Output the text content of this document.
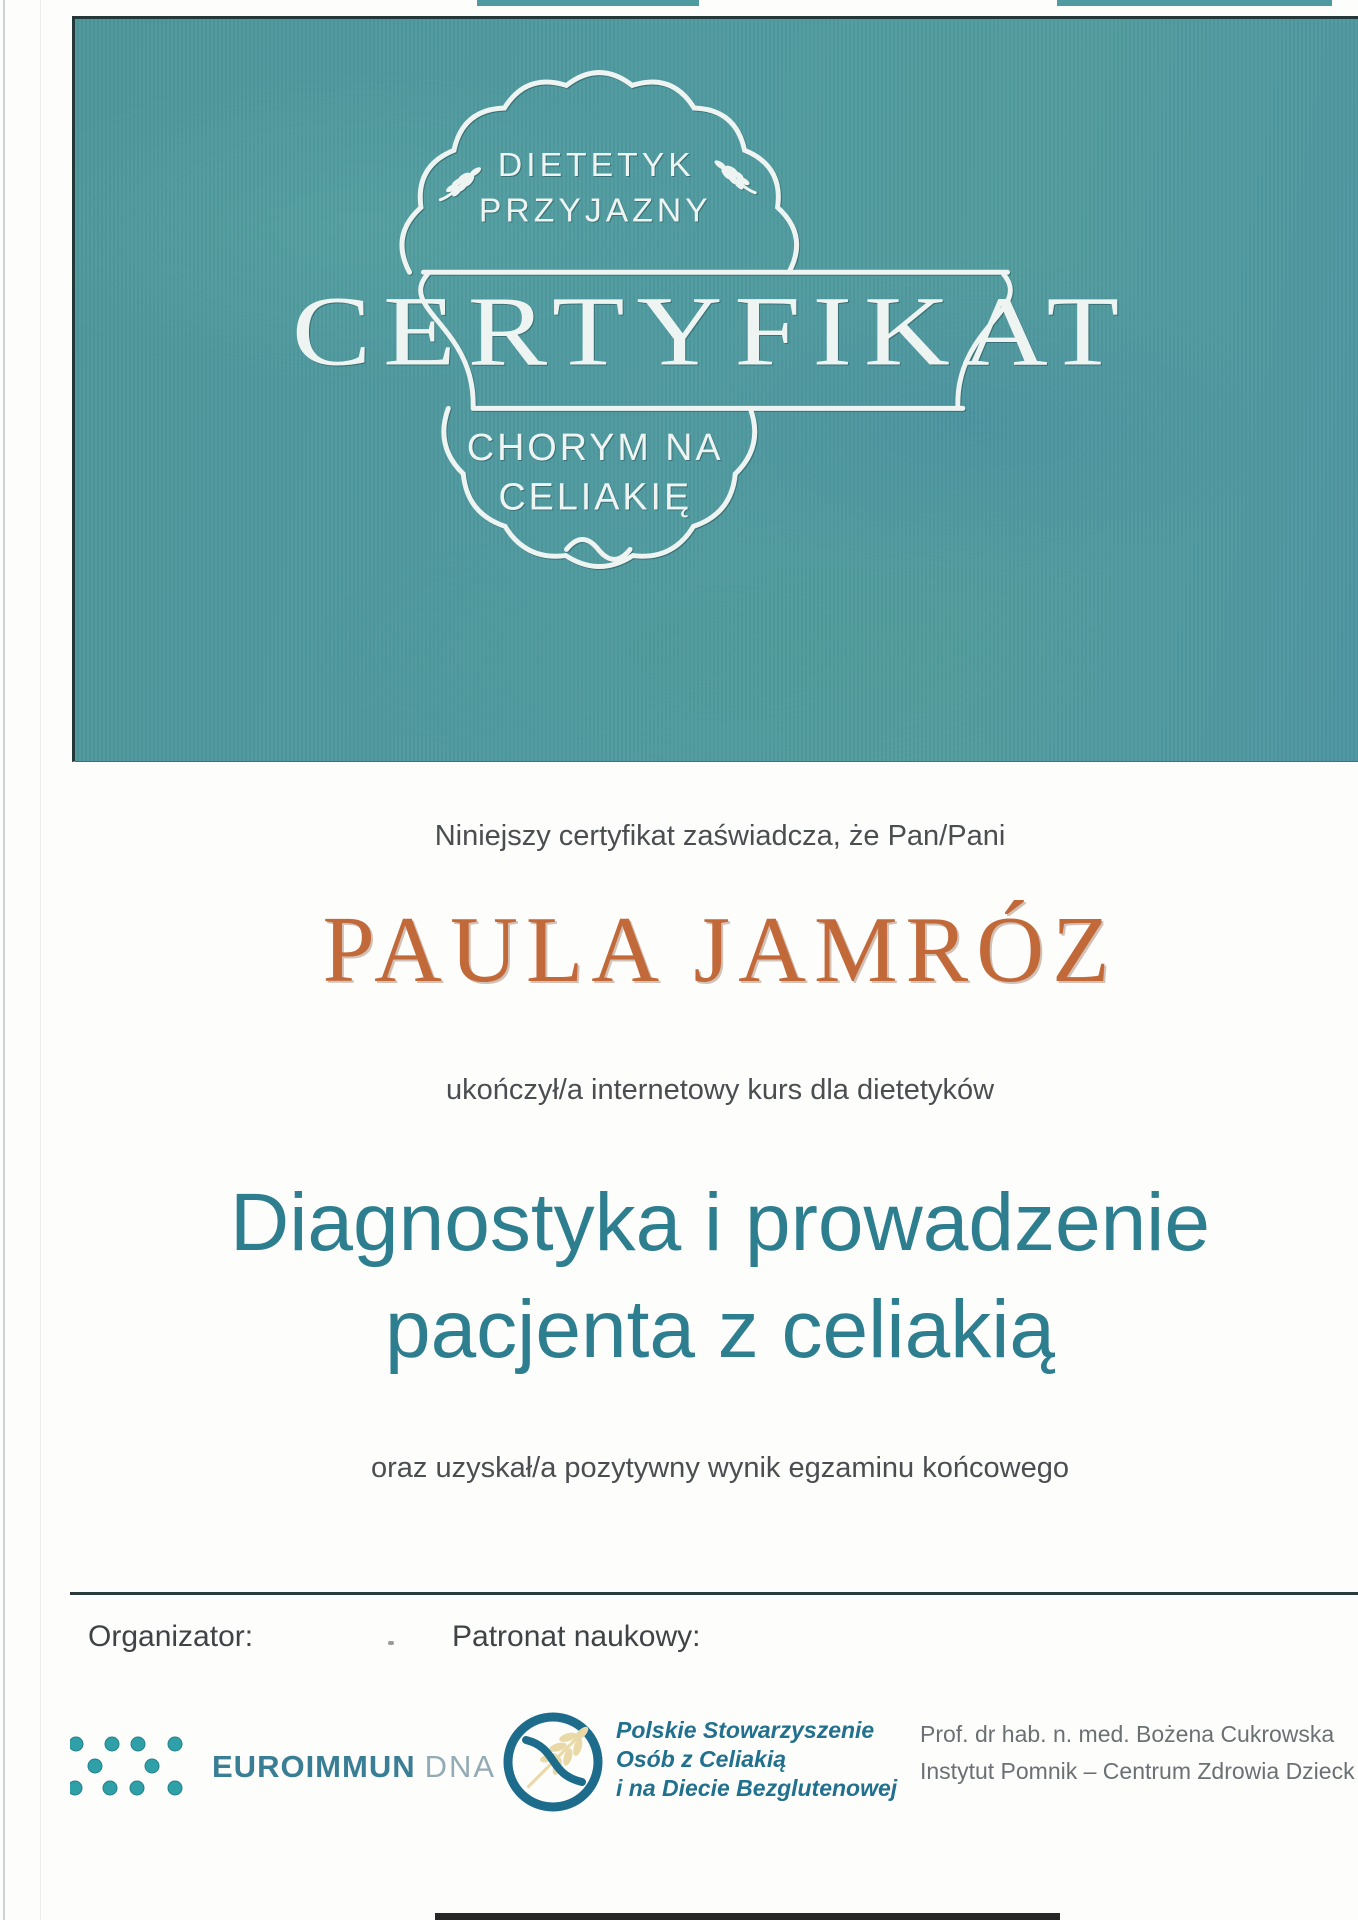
DIETETYK
PRZYJAZNY
CERTYFIKAT
CHORYM NA
CELIAKIĘ
Niniejszy certyfikat zaświadcza, że Pan/Pani
PAULA JAMRÓZ
ukończył/a internetowy kurs dla dietetyków
Diagnostyka i prowadzenie
pacjenta z celiakią
oraz uzyskał/a pozytywny wynik egzaminu końcowego
Organizator:	Patronat naukowy:
EUROIMMUN DNA
Polskie Stowarzyszenie
Osób z Celiakią
i na Diecie Bezglutenowej
Prof. dr hab. n. med. Bożena Cukrowska
Instytut Pomnik – Centrum Zdrowia Dzieck
